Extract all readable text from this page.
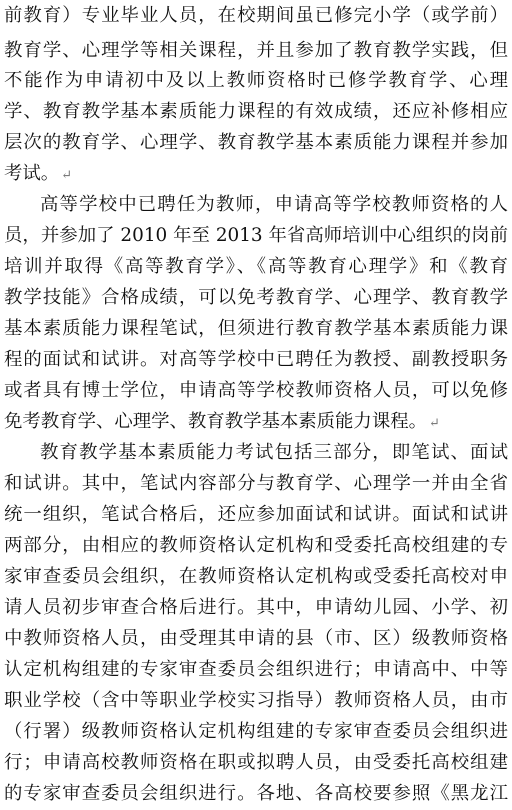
前教育）专业毕业人员，在校期间虽已修完小学（或学前）
教育学、心理学等相关课程，并且参加了教育教学实践，但
不能作为申请初中及以上教师资格时已修学教育学、心理
学、教育教学基本素质能力课程的有效成绩，还应补修相应
层次的教育学、心理学、教育教学基本素质能力课程并参加
考试。 ↵
高等学校中已聘任为教师，申请高等学校教师资格的人
员，并参加了 2010 年至 2013 年省高师培训中心组织的岗前
培训并取得《高等教育学》、《高等教育心理学》和《教育
教学技能》合格成绩，可以免考教育学、心理学、教育教学
基本素质能力课程笔试，但须进行教育教学基本素质能力课
程的面试和试讲。对高等学校中已聘任为教授、副教授职务
或者具有博士学位，申请高等学校教师资格人员，可以免修
免考教育学、心理学、教育教学基本素质能力课程。 ↵
教育教学基本素质能力考试包括三部分，即笔试、面试
和试讲。其中，笔试内容部分与教育学、心理学一并由全省
统一组织，笔试合格后，还应参加面试和试讲。面试和试讲
两部分，由相应的教师资格认定机构和受委托高校组建的专
家审查委员会组织，在教师资格认定机构或受委托高校对申
请人员初步审查合格后进行。其中，申请幼儿园、小学、初
中教师资格人员，由受理其申请的县（市、区）级教师资格
认定机构组建的专家审查委员会组织进行；申请高中、中等
职业学校（含中等职业学校实习指导）教师资格人员，由市
（行署）级教师资格认定机构组建的专家审查委员会组织进
行；申请高校教师资格在职或拟聘人员，由受委托高校组建
的专家审查委员会组织进行。各地、各高校要参照《黑龙江
